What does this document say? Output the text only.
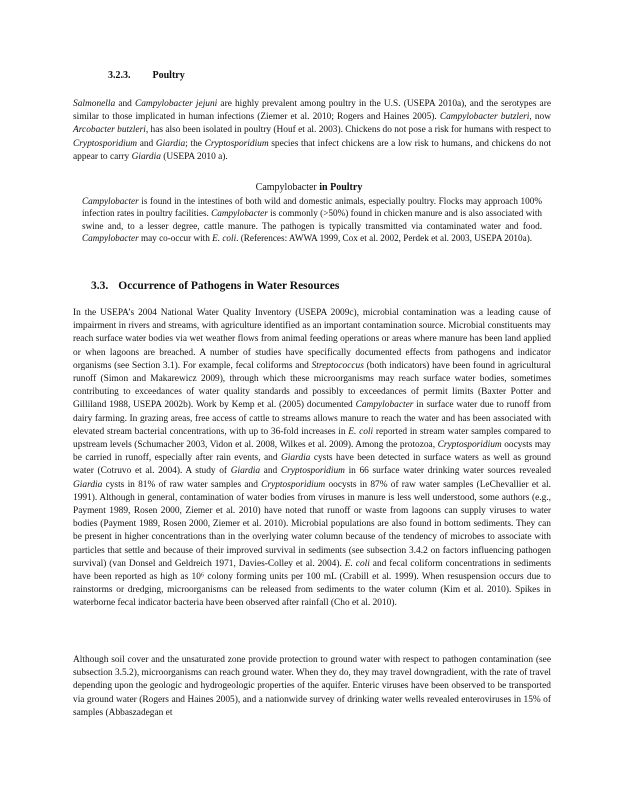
3.2.3. Poultry
Salmonella and Campylobacter jejuni are highly prevalent among poultry in the U.S. (USEPA 2010a), and the serotypes are similar to those implicated in human infections (Ziemer et al. 2010; Rogers and Haines 2005). Campylobacter butzleri, now Arcobacter butzleri, has also been isolated in poultry (Houf et al. 2003). Chickens do not pose a risk for humans with respect to Cryptosporidium and Giardia; the Cryptosporidium species that infect chickens are a low risk to humans, and chickens do not appear to carry Giardia (USEPA 2010 a).
Campylobacter in Poultry
Campylobacter is found in the intestines of both wild and domestic animals, especially poultry. Flocks may approach 100% infection rates in poultry facilities. Campylobacter is commonly (>50%) found in chicken manure and is also associated with swine and, to a lesser degree, cattle manure. The pathogen is typically transmitted via contaminated water and food. Campylobacter may co-occur with E. coli. (References: AWWA 1999, Cox et al. 2002, Perdek et al. 2003, USEPA 2010a).
3.3. Occurrence of Pathogens in Water Resources
In the USEPA’s 2004 National Water Quality Inventory (USEPA 2009c), microbial contamination was a leading cause of impairment in rivers and streams, with agriculture identified as an important contamination source. Microbial constituents may reach surface water bodies via wet weather flows from animal feeding operations or areas where manure has been land applied or when lagoons are breached. A number of studies have specifically documented effects from pathogens and indicator organisms (see Section 3.1). For example, fecal coliforms and Streptococcus (both indicators) have been found in agricultural runoff (Simon and Makarewicz 2009), through which these microorganisms may reach surface water bodies, sometimes contributing to exceedances of water quality standards and possibly to exceedances of permit limits (Baxter Potter and Gilliland 1988, USEPA 2002b). Work by Kemp et al. (2005) documented Campylobacter in surface water due to runoff from dairy farming. In grazing areas, free access of cattle to streams allows manure to reach the water and has been associated with elevated stream bacterial concentrations, with up to 36-fold increases in E. coli reported in stream water samples compared to upstream levels (Schumacher 2003, Vidon et al. 2008, Wilkes et al. 2009). Among the protozoa, Cryptosporidium oocysts may be carried in runoff, especially after rain events, and Giardia cysts have been detected in surface waters as well as ground water (Cotruvo et al. 2004). A study of Giardia and Cryptosporidium in 66 surface water drinking water sources revealed Giardia cysts in 81% of raw water samples and Cryptosporidium oocysts in 87% of raw water samples (LeChevallier et al. 1991). Although in general, contamination of water bodies from viruses in manure is less well understood, some authors (e.g., Payment 1989, Rosen 2000, Ziemer et al. 2010) have noted that runoff or waste from lagoons can supply viruses to water bodies (Payment 1989, Rosen 2000, Ziemer et al. 2010). Microbial populations are also found in bottom sediments. They can be present in higher concentrations than in the overlying water column because of the tendency of microbes to associate with particles that settle and because of their improved survival in sediments (see subsection 3.4.2 on factors influencing pathogen survival) (van Donsel and Geldreich 1971, Davies-Colley et al. 2004). E. coli and fecal coliform concentrations in sediments have been reported as high as 10⁶ colony forming units per 100 mL (Crabill et al. 1999). When resuspension occurs due to rainstorms or dredging, microorganisms can be released from sediments to the water column (Kim et al. 2010). Spikes in waterborne fecal indicator bacteria have been observed after rainfall (Cho et al. 2010).
Although soil cover and the unsaturated zone provide protection to ground water with respect to pathogen contamination (see subsection 3.5.2), microorganisms can reach ground water. When they do, they may travel downgradient, with the rate of travel depending upon the geologic and hydrogeologic properties of the aquifer. Enteric viruses have been observed to be transported via ground water (Rogers and Haines 2005), and a nationwide survey of drinking water wells revealed enteroviruses in 15% of samples (Abbaszadegan et
